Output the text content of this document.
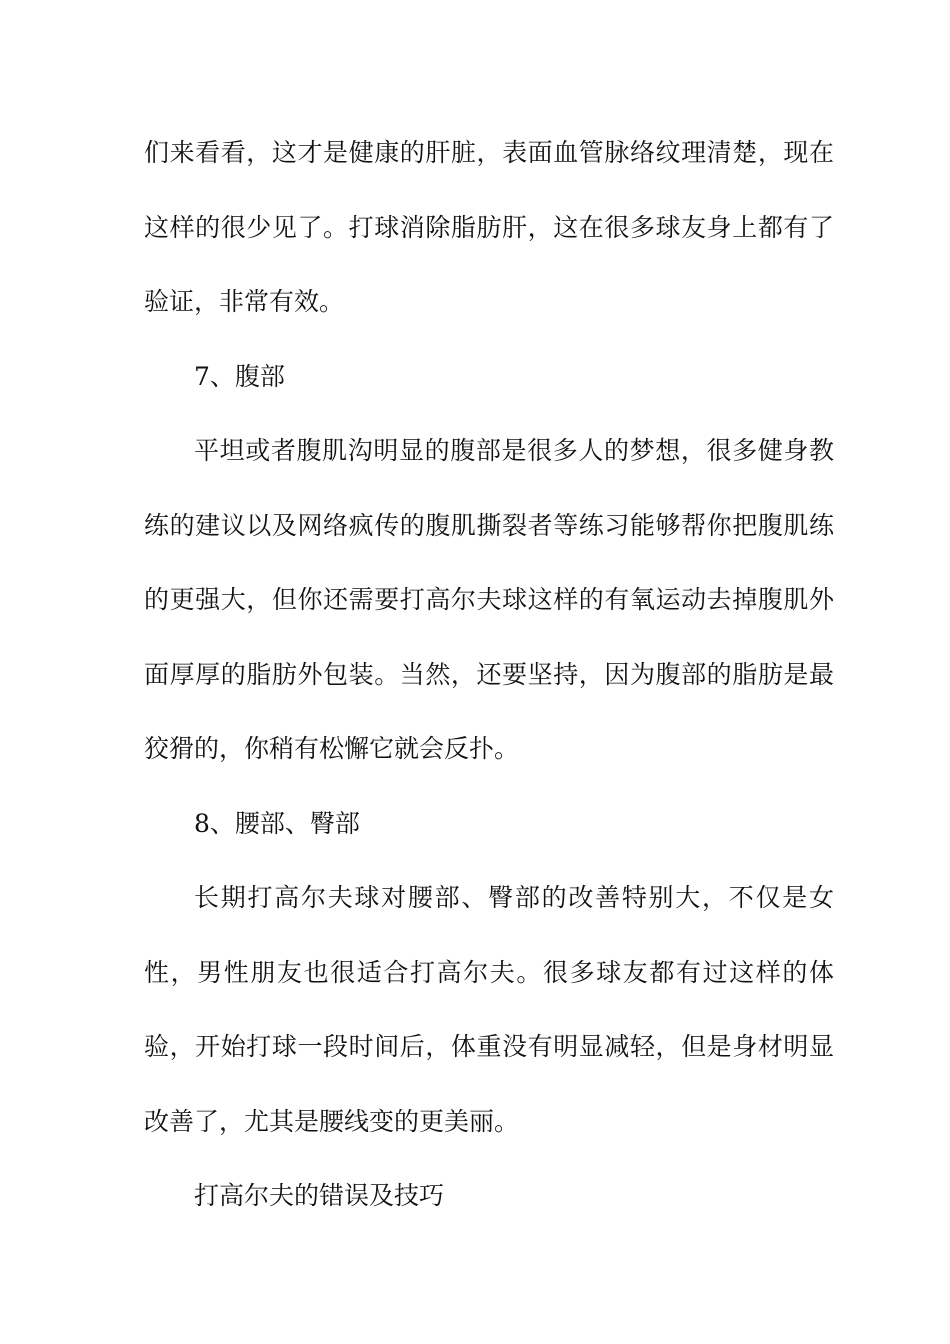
们来看看，这才是健康的肝脏，表面血管脉络纹理清楚，现在这样的很少见了。打球消除脂肪肝，这在很多球友身上都有了验证，非常有效。

7、腹部

平坦或者腹肌沟明显的腹部是很多人的梦想，很多健身教练的建议以及网络疯传的腹肌撕裂者等练习能够帮你把腹肌练的更强大，但你还需要打高尔夫球这样的有氧运动去掉腹肌外面厚厚的脂肪外包装。当然，还要坚持，因为腹部的脂肪是最狡猾的，你稍有松懈它就会反扑。

8、腰部、臀部

长期打高尔夫球对腰部、臀部的改善特别大，不仅是女性，男性朋友也很适合打高尔夫。很多球友都有过这样的体验，开始打球一段时间后，体重没有明显减轻，但是身材明显改善了，尤其是腰线变的更美丽。

打高尔夫的错误及技巧
